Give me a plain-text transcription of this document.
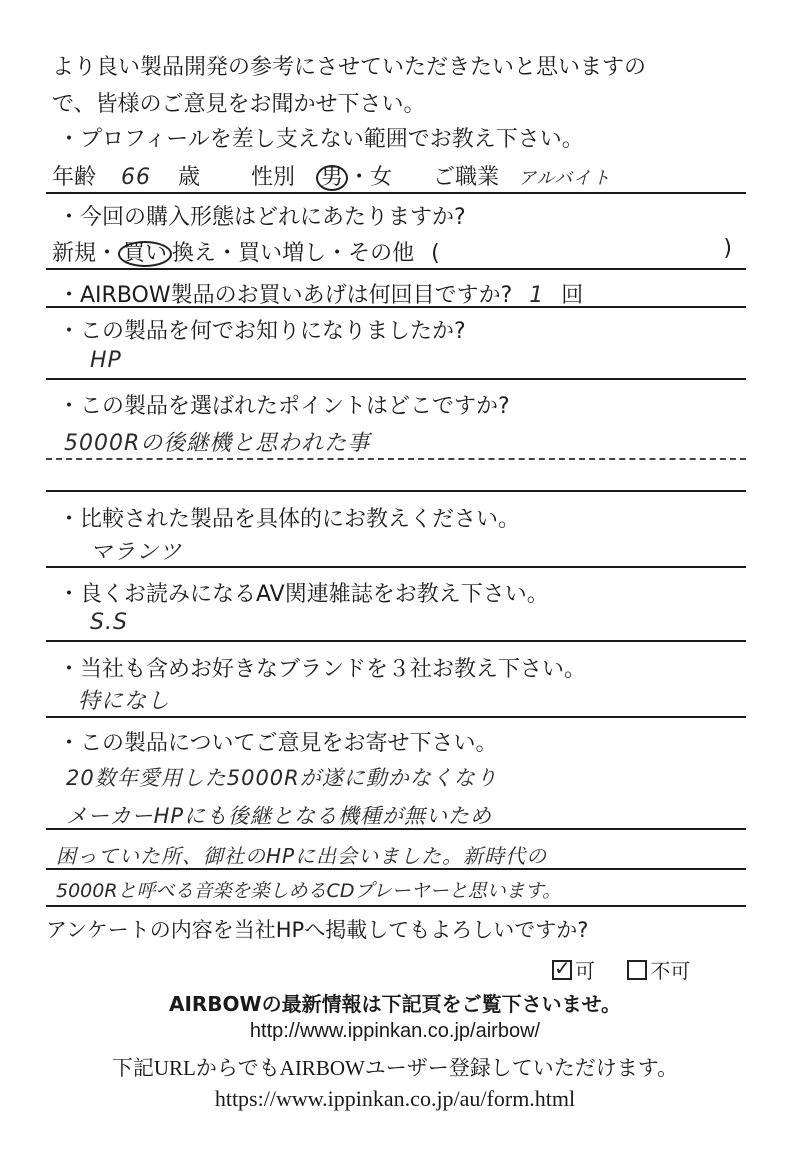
より良い製品開発の参考にさせていただきたいと思いますの
で、皆様のご意見をお聞かせ下さい。
・プロフィールを差し支えない範囲でお教え下さい。
年齢 66 歳 性別 男 ・女 ご職業 アルバイト
・今回の購入形態はどれにあたりますか?
新規・ 買い 換え・買い増し・その他 (	)
・AIRBOW製品のお買いあげは何回目ですか? 1 回
・この製品を何でお知りになりましたか?
HP
・この製品を選ばれたポイントはどこですか?
5000Rの後継機と思われた事
・比較された製品を具体的にお教えください。
マランツ
・良くお読みになるAV関連雑誌をお教え下さい。
S.S
・当社も含めお好きなブランドを３社お教え下さい。
特になし
・この製品についてご意見をお寄せ下さい。
20数年愛用した5000Rが遂に動かなくなり
メーカーHPにも後継となる機種が無いため
困っていた所、御社のHPに出会いました。新時代の
5000Rと呼べる音楽を楽しめるCDプレーヤーと思います。
アンケートの内容を当社HPへ掲載してもよろしいですか?
✓可	不可
AIRBOWの最新情報は下記頁をご覧下さいませ。
http://www.ippinkan.co.jp/airbow/
下記URLからでもAIRBOWユーザー登録していただけます。
https://www.ippinkan.co.jp/au/form.html
